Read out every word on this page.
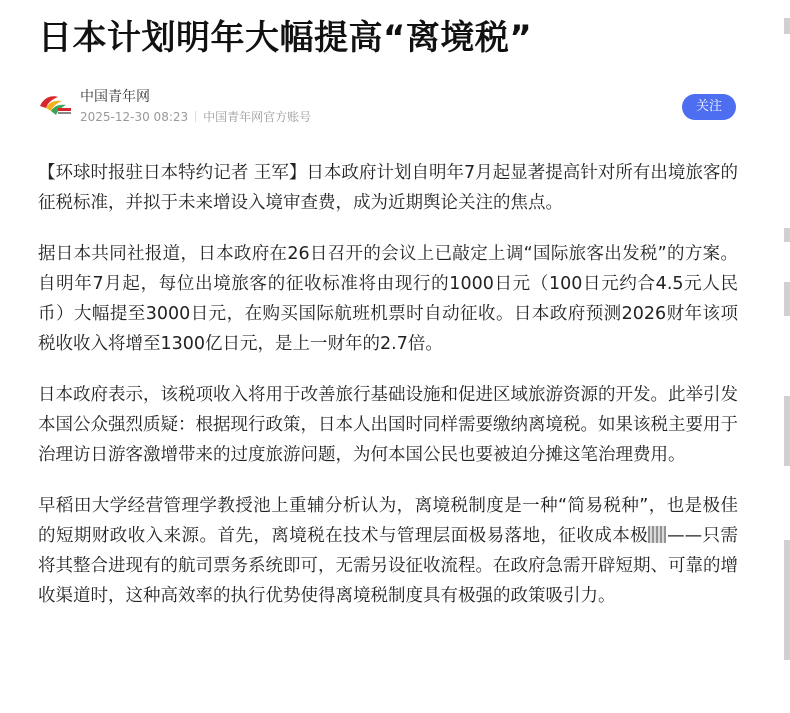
日本计划明年大幅提高“离境税”
中国青年网
2025-12-30 08:23 中国青年网官方账号
关注

【环球时报驻日本特约记者 王军】日本政府计划自明年7月起显著提高针对所有出境旅客的征税标准，并拟于未来增设入境审查费，成为近期舆论关注的焦点。

据日本共同社报道，日本政府在26日召开的会议上已敲定上调“国际旅客出发税”的方案。自明年7月起，每位出境旅客的征收标准将由现行的1000日元（100日元约合4.5元人民币）大幅提至3000日元，在购买国际航班机票时自动征收。日本政府预测2026财年该项税收收入将增至1300亿日元，是上一财年的2.7倍。

日本政府表示，该税项收入将用于改善旅行基础设施和促进区域旅游资源的开发。此举引发本国公众强烈质疑：根据现行政策，日本人出国时同样需要缴纳离境税。如果该税主要用于治理访日游客激增带来的过度旅游问题，为何本国公民也要被迫分摊这笔治理费用。

早稻田大学经营管理学教授池上重辅分析认为，离境税制度是一种“简易税种”，也是极佳的短期财政收入来源。首先，离境税在技术与管理层面极易落地，征收成本极 ——只需将其整合进现有的航司票务系统即可，无需另设征收流程。在政府急需开辟短期、可靠的增收渠道时，这种高效率的执行优势使得离境税制度具有极强的政策吸引力。
